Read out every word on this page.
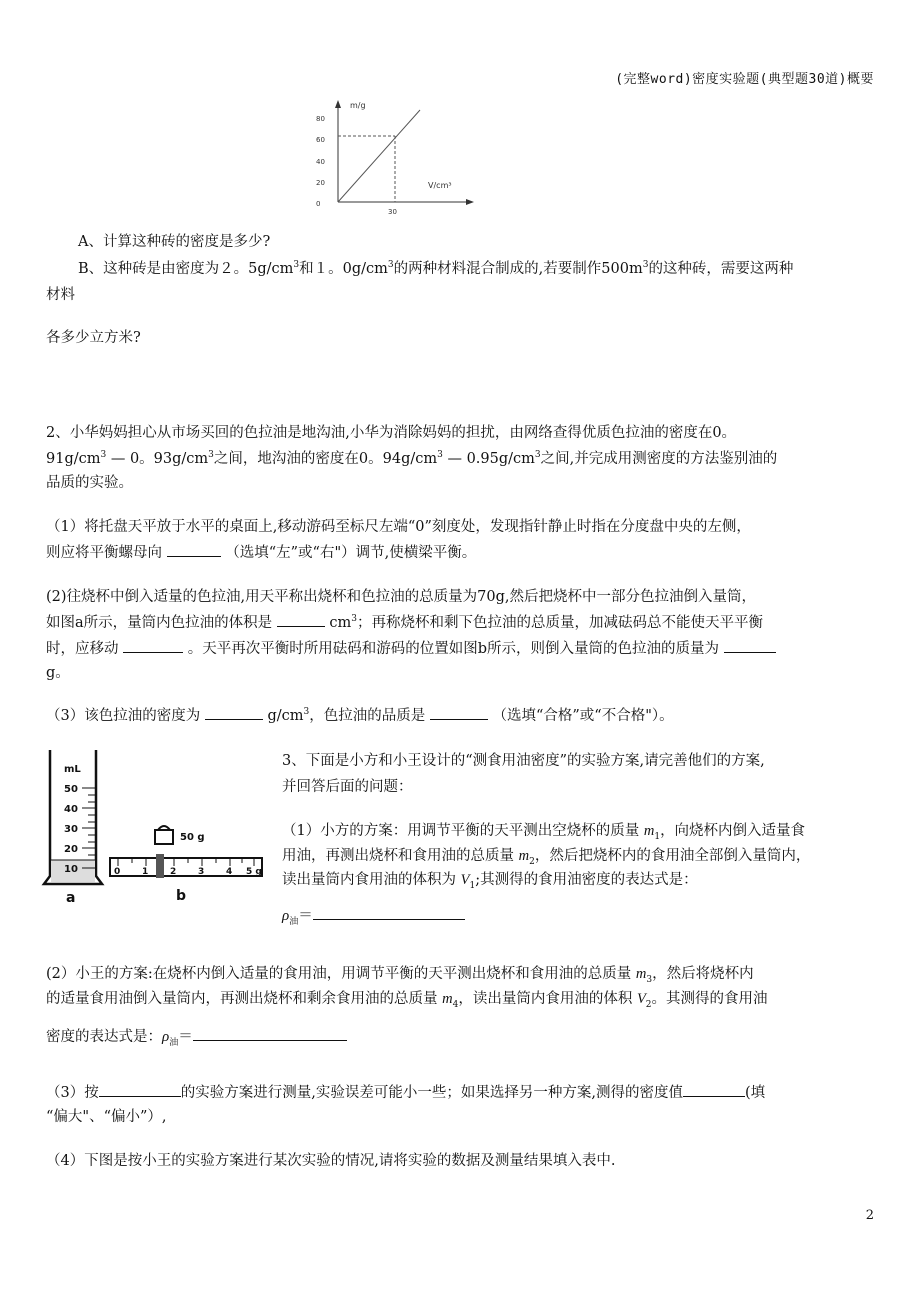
(完整word)密度实验题(典型题30道)概要
m/g
V/cm³
0
20
40
60
80
30
A、计算这种砖的密度是多少?
B、这种砖是由密度为２。$5g/cm^3$和１。$0g/cm^3$的两种材料混合制成的,若要制作$500m^3$的这种砖，需要这两种
材料
各多少立方米?
2、小华妈妈担心从市场买回的色拉油是地沟油,小华为消除妈妈的担扰，由网络查得优质色拉油的密度在0。
$91g/cm^3$ — 0。$93g/cm^3$之间，地沟油的密度在0。$94g/cm^3$ — $0.95g/cm^3$之间,并完成用测密度的方法鉴别油的
品质的实验。
（1）将托盘天平放于水平的桌面上,移动游码至标尺左端“0”刻度处，发现指针静止时指在分度盘中央的左侧，
则应将平衡螺母向	（选填“左”或“右"）调节,使横梁平衡。
(2)往烧杯中倒入适量的色拉油,用天平称出烧杯和色拉油的总质量为70g,然后把烧杯中一部分色拉油倒入量筒，
如图a所示，量筒内色拉油的体积是	$cm^3$；再称烧杯和剩下色拉油的总质量，加减砝码总不能使天平平衡
时，应移动	。天平再次平衡时所用砝码和游码的位置如图b所示，则倒入量筒的色拉油的质量为
g。
（3）该色拉油的密度为	$g/cm^3$，色拉油的品质是	（选填“合格”或“不合格"）。
mL
50
40
30
20
10
a
50 g
0 1 2 3 4 5 g
b
3、下面是小方和小王设计的“测食用油密度”的实验方案,请完善他们的方案,
并回答后面的问题：
（1）小方的方案：用调节平衡的天平测出空烧杯的质量 $m_1$，向烧杯内倒入适量食
用油，再测出烧杯和食用油的总质量 $m_2$，然后把烧杯内的食用油全部倒入量筒内，
读出量筒内食用油的体积为 $V_1$;其测得的食用油密度的表达式是：
$\rho_油=$
(2）小王的方案:在烧杯内倒入适量的食用油，用调节平衡的天平测出烧杯和食用油的总质量 $m_3$，然后将烧杯内
的适量食用油倒入量筒内，再测出烧杯和剩余食用油的总质量 $m_4$，读出量筒内食用油的体积 $V_2$。其测得的食用油
密度的表达式是：$\rho_油=$
（3）按	的实验方案进行测量,实验误差可能小一些；如果选择另一种方案,测得的密度值	(填
“偏大"、“偏小”）,
（4）下图是按小王的实验方案进行某次实验的情况,请将实验的数据及测量结果填入表中.
2
